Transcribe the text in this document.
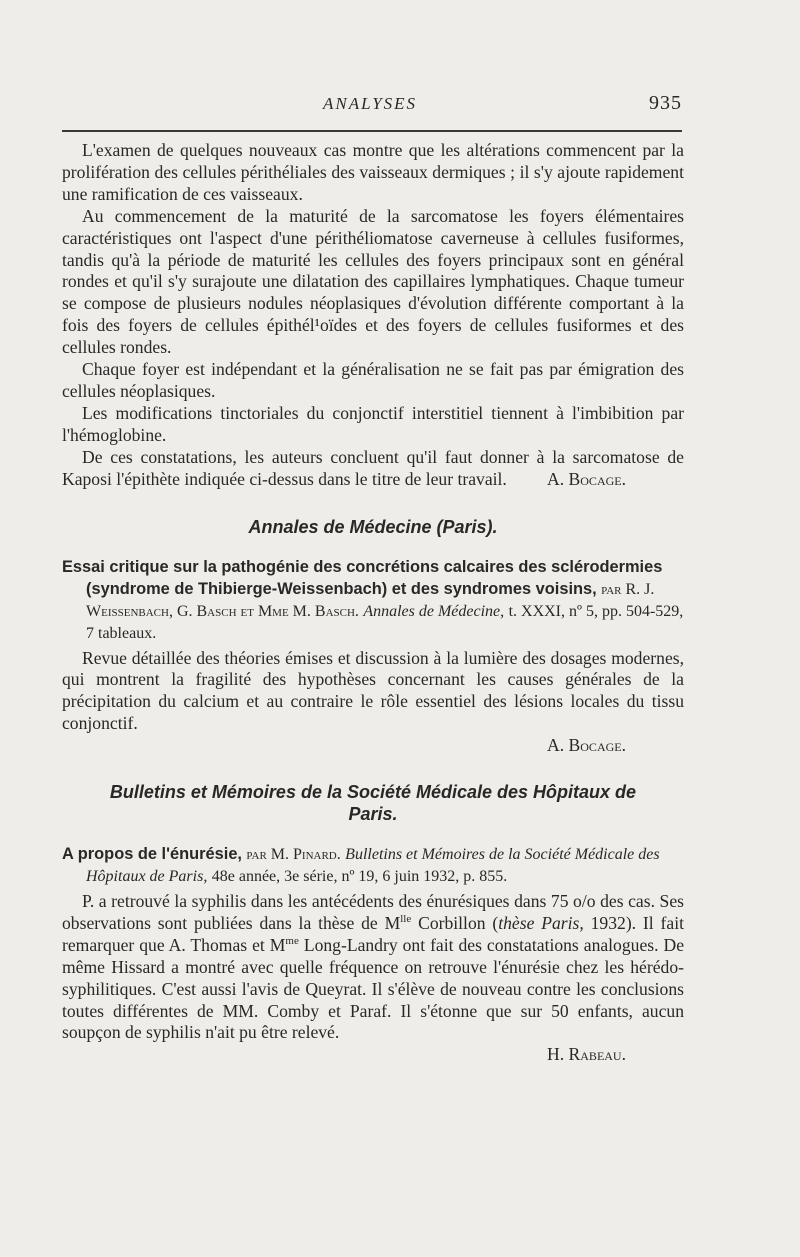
ANALYSES	935

L'examen de quelques nouveaux cas montre que les altérations commencent par la prolifération des cellules périthéliales des vaisseaux dermiques ; il s'y ajoute rapidement une ramification de ces vaisseaux.

Au commencement de la maturité de la sarcomatose les foyers élémentaires caractéristiques ont l'aspect d'une périthéliomatose caverneuse à cellules fusiformes, tandis qu'à la période de maturité les cellules des foyers principaux sont en général rondes et qu'il s'y surajoute une dilatation des capillaires lymphatiques. Chaque tumeur se compose de plusieurs nodules néoplasiques d'évolution différente comportant à la fois des foyers de cellules épithél¹oïdes et des foyers de cellules fusiformes et des cellules rondes.

Chaque foyer est indépendant et la généralisation ne se fait pas par émigration des cellules néoplasiques.

Les modifications tinctoriales du conjonctif interstitiel tiennent à l'imbibition par l'hémoglobine.

De ces constatations, les auteurs concluent qu'il faut donner à la sarcomatose de Kaposi l'épithète indiquée ci-dessus dans le titre de leur travail.	A. Bocage.

Annales de Médecine (Paris).

Essai critique sur la pathogénie des concrétions calcaires des sclérodermies (syndrome de Thibierge-Weissenbach) et des syndromes voisins, par R. J. Weissenbach, G. Basch et Mme M. Basch. Annales de Médecine, t. XXXI, nº 5, pp. 504-529, 7 tableaux.

Revue détaillée des théories émises et discussion à la lumière des dosages modernes, qui montrent la fragilité des hypothèses concernant les causes générales de la précipitation du calcium et au contraire le rôle essentiel des lésions locales du tissu conjonctif.

A. Bocage.

Bulletins et Mémoires de la Société Médicale des Hôpitaux de Paris.

A propos de l'énurésie, par M. Pinard. Bulletins et Mémoires de la Société Médicale des Hôpitaux de Paris, 48e année, 3e série, nº 19, 6 juin 1932, p. 855.

P. a retrouvé la syphilis dans les antécédents des énurésiques dans 75 o/o des cas. Ses observations sont publiées dans la thèse de $M^{lle}$ Corbillon (thèse Paris, 1932). Il fait remarquer que A. Thomas et $M^{me}$ Long-Landry ont fait des constatations analogues. De même Hissard a montré avec quelle fréquence on retrouve l'énurésie chez les hérédo-syphilitiques. C'est aussi l'avis de Queyrat. Il s'élève de nouveau contre les conclusions toutes différentes de MM. Comby et Paraf. Il s'étonne que sur 50 enfants, aucun soupçon de syphilis n'ait pu être relevé.

H. Rabeau.
